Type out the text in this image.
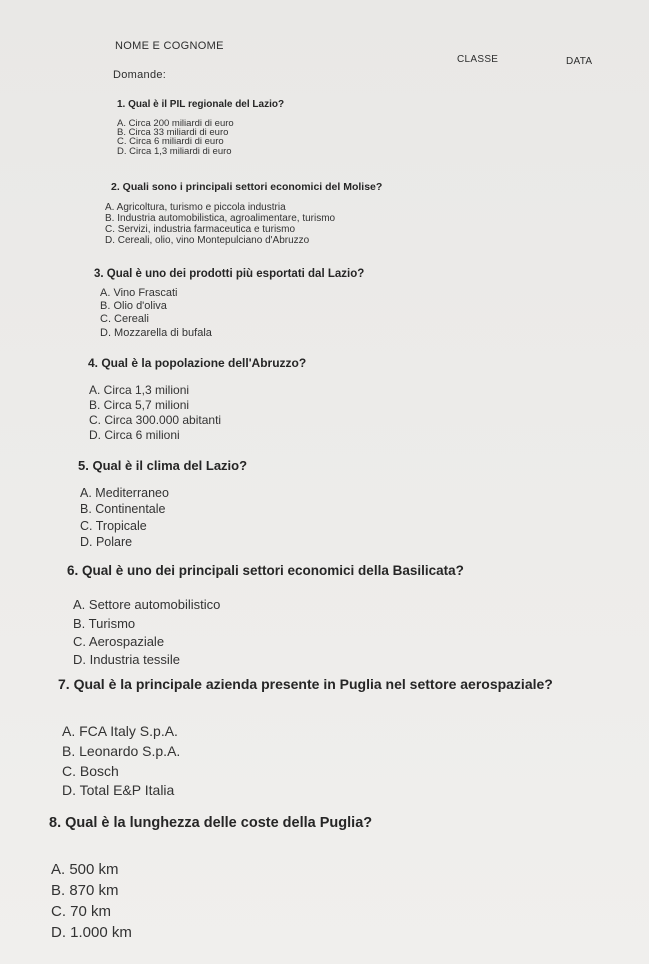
NOME E COGNOME
CLASSE	DATA
Domande:
1. Qual è il PIL regionale del Lazio?
A. Circa 200 miliardi di euro
B. Circa 33 miliardi di euro
C. Circa 6 miliardi di euro
D. Circa 1,3 miliardi di euro
2. Quali sono i principali settori economici del Molise?
A. Agricoltura, turismo e piccola industria
B. Industria automobilistica, agroalimentare, turismo
C. Servizi, industria farmaceutica e turismo
D. Cereali, olio, vino Montepulciano d'Abruzzo
3. Qual è uno dei prodotti più esportati dal Lazio?
A. Vino Frascati
B. Olio d'oliva
C. Cereali
D. Mozzarella di bufala
4. Qual è la popolazione dell'Abruzzo?
A. Circa 1,3 milioni
B. Circa 5,7 milioni
C. Circa 300.000 abitanti
D. Circa 6 milioni
5. Qual è il clima del Lazio?
A. Mediterraneo
B. Continentale
C. Tropicale
D. Polare
6. Qual è uno dei principali settori economici della Basilicata?
A. Settore automobilistico
B. Turismo
C. Aerospaziale
D. Industria tessile
7. Qual è la principale azienda presente in Puglia nel settore aerospaziale?
A. FCA Italy S.p.A.
B. Leonardo S.p.A.
C. Bosch
D. Total E&P Italia
8. Qual è la lunghezza delle coste della Puglia?
A. 500 km
B. 870 km
C. 70 km
D. 1.000 km
